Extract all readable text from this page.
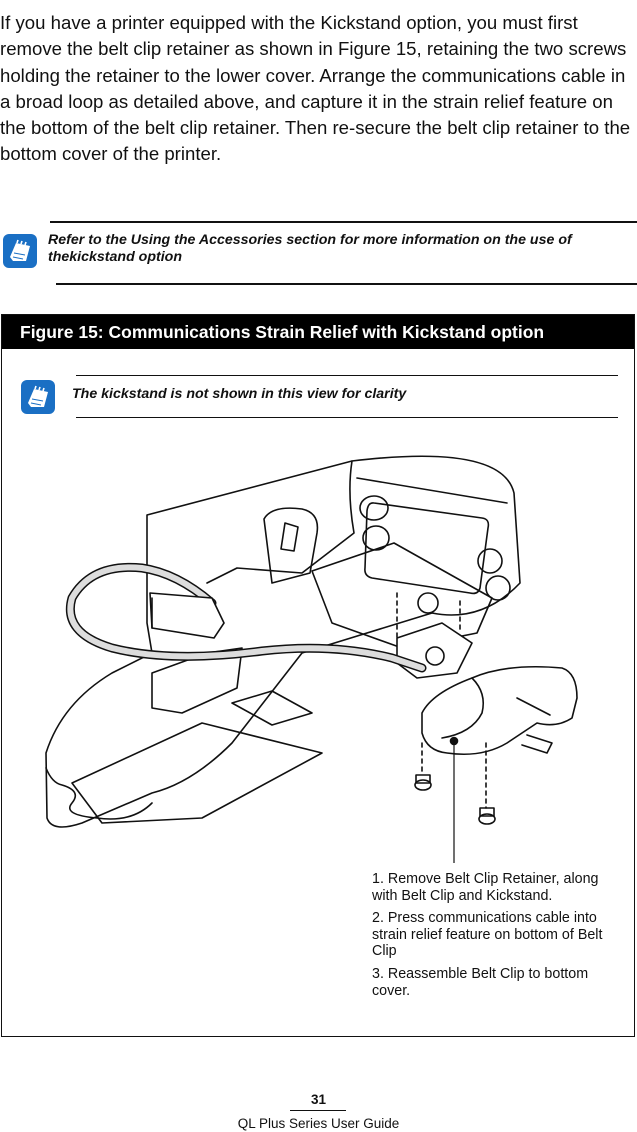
If you have a printer equipped with the Kickstand option, you must first remove the belt clip retainer as shown in Figure 15, retaining the two screws holding the retainer to the lower cover. Arrange the communications cable in a broad loop as detailed above, and capture it in the strain relief feature on the bottom of the belt clip retainer. Then re-secure the belt clip retainer to the bottom cover of the printer.

Refer to the Using the Accessories section for more information on the use of thekickstand option
Figure 15: Communications Strain Relief with Kickstand option
The kickstand is not shown in this view for clarity
1. Remove Belt Clip Retainer, along with Belt Clip and Kickstand.
2. Press communications cable into strain relief feature on bottom of Belt Clip
3. Reassemble Belt Clip to bottom cover.
31
QL Plus Series User Guide
